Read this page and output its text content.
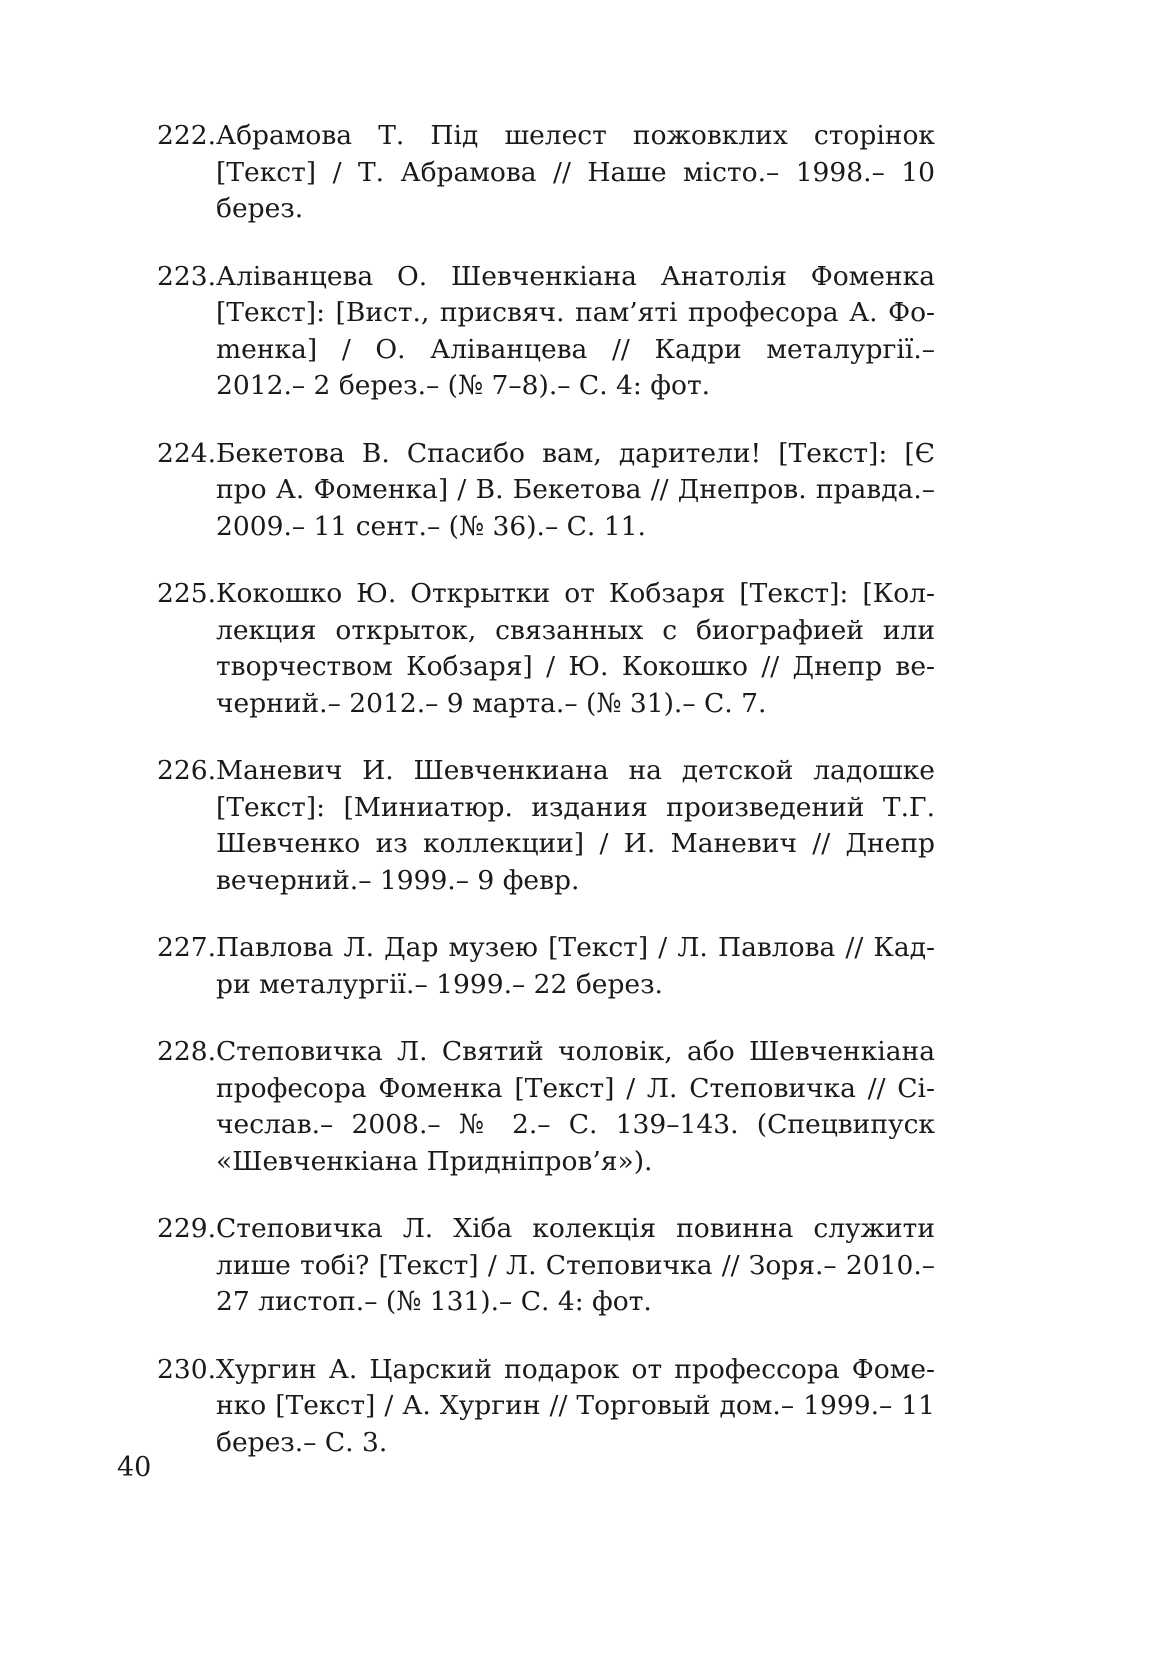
222. Абрамова Т. Під шелест пожовклих сторінок [Текст] / Т. Абрамова // Наше місто.– 1998.– 10 берез.
223. Аліванцева О. Шевченкіана Анатолія Фоменка [Текст]: [Вист., присвяч. пам’яті професора А. Фоmенка] / О. Аліванцева // Кадри металургії.– 2012.– 2 берез.– (№ 7–8).– С. 4: фот.
224. Бекетова В. Спасибо вам, дарители! [Текст]: [Є про А. Фоменка] / В. Бекетова // Днепров. правда.– 2009.– 11 сент.– (№ 36).– С. 11.
225. Кокошко Ю. Открытки от Кобзаря [Текст]: [Коллекция открыток, связанных с биографией или творчеством Кобзаря] / Ю. Кокошко // Днепр вечерний.– 2012.– 9 марта.– (№ 31).– С. 7.
226. Маневич И. Шевченкиана на детской ладошке [Текст]: [Миниатюр. издания произведений Т.Г. Шевченко из коллекции] / И. Маневич // Днепр вечерний.– 1999.– 9 февр.
227. Павлова Л. Дар музею [Текст] / Л. Павлова // Кадри металургії.– 1999.– 22 берез.
228. Степовичка Л. Святий чоловік, або Шевченкіана професора Фоменка [Текст] / Л. Степовичка // Січеслав.– 2008.– № 2.– С. 139–143. (Спецвипуск «Шевченкіана Придніпров’я»).
229. Степовичка Л. Хіба колекція повинна служити лише тобі? [Текст] / Л. Степовичка // Зоря.– 2010.– 27 листоп.– (№ 131).– С. 4: фот.
230. Хургин А. Царский подарок от профессора Фоменко [Текст] / А. Хургин // Торговый дом.– 1999.– 11 берез.– С. 3.
40
